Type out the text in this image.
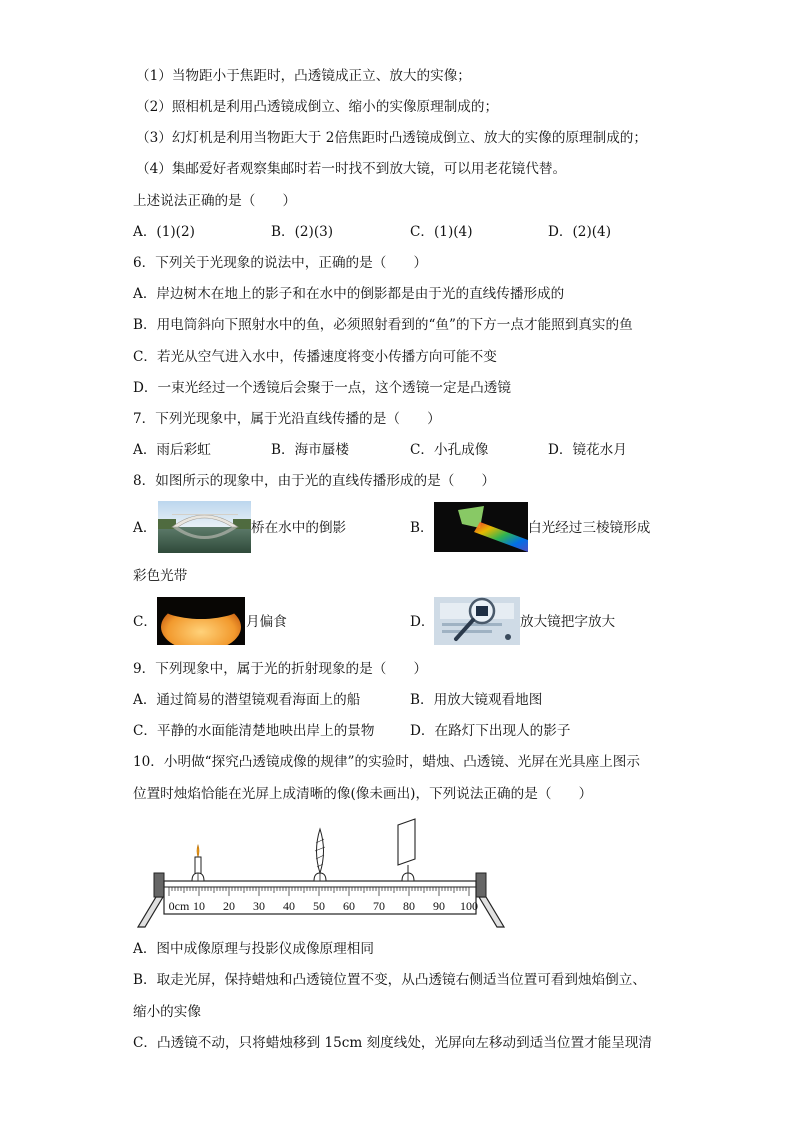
（1）当物距小于焦距时，凸透镜成正立、放大的实像；
（2）照相机是利用凸透镜成倒立、缩小的实像原理制成的；
（3）幻灯机是利用当物距大于 2倍焦距时凸透镜成倒立、放大的实像的原理制成的；
（4）集邮爱好者观察集邮时若一时找不到放大镜，可以用老花镜代替。
上述说法正确的是（　　）
A．(1)(2)	B．(2)(3)	C．(1)(4)	D．(2)(4)
6．下列关于光现象的说法中，正确的是（　　）
A．岸边树木在地上的影子和在水中的倒影都是由于光的直线传播形成的
B．用电筒斜向下照射水中的鱼，必须照射看到的“鱼”的下方一点才能照到真实的鱼
C．若光从空气进入水中，传播速度将变小传播方向可能不变
D．一束光经过一个透镜后会聚于一点，这个透镜一定是凸透镜
7．下列光现象中，属于光沿直线传播的是（　　）
A．雨后彩虹	B．海市蜃楼	C．小孔成像	D．镜花水月
8．如图所示的现象中，由于光的直线传播形成的是（　　）
A．	桥在水中的倒影	B．	白光经过三棱镜形成
彩色光带
C．	月偏食	D．	放大镜把字放大
9．下列现象中，属于光的折射现象的是（　　）
A．通过简易的潜望镜观看海面上的船	B．用放大镜观看地图
C．平静的水面能清楚地映出岸上的景物	D．在路灯下出现人的影子
10．小明做“探究凸透镜成像的规律”的实验时，蜡烛、凸透镜、光屏在光具座上图示
位置时烛焰恰能在光屏上成清晰的像(像未画出)，下列说法正确的是（　　）
0cm 10 20 30 40 50 60 70 80 90 100
A．图中成像原理与投影仪成像原理相同
B．取走光屏，保持蜡烛和凸透镜位置不变，从凸透镜右侧适当位置可看到烛焰倒立、
缩小的实像
C．凸透镜不动，只将蜡烛移到 15cm 刻度线处，光屏向左移动到适当位置才能呈现清
